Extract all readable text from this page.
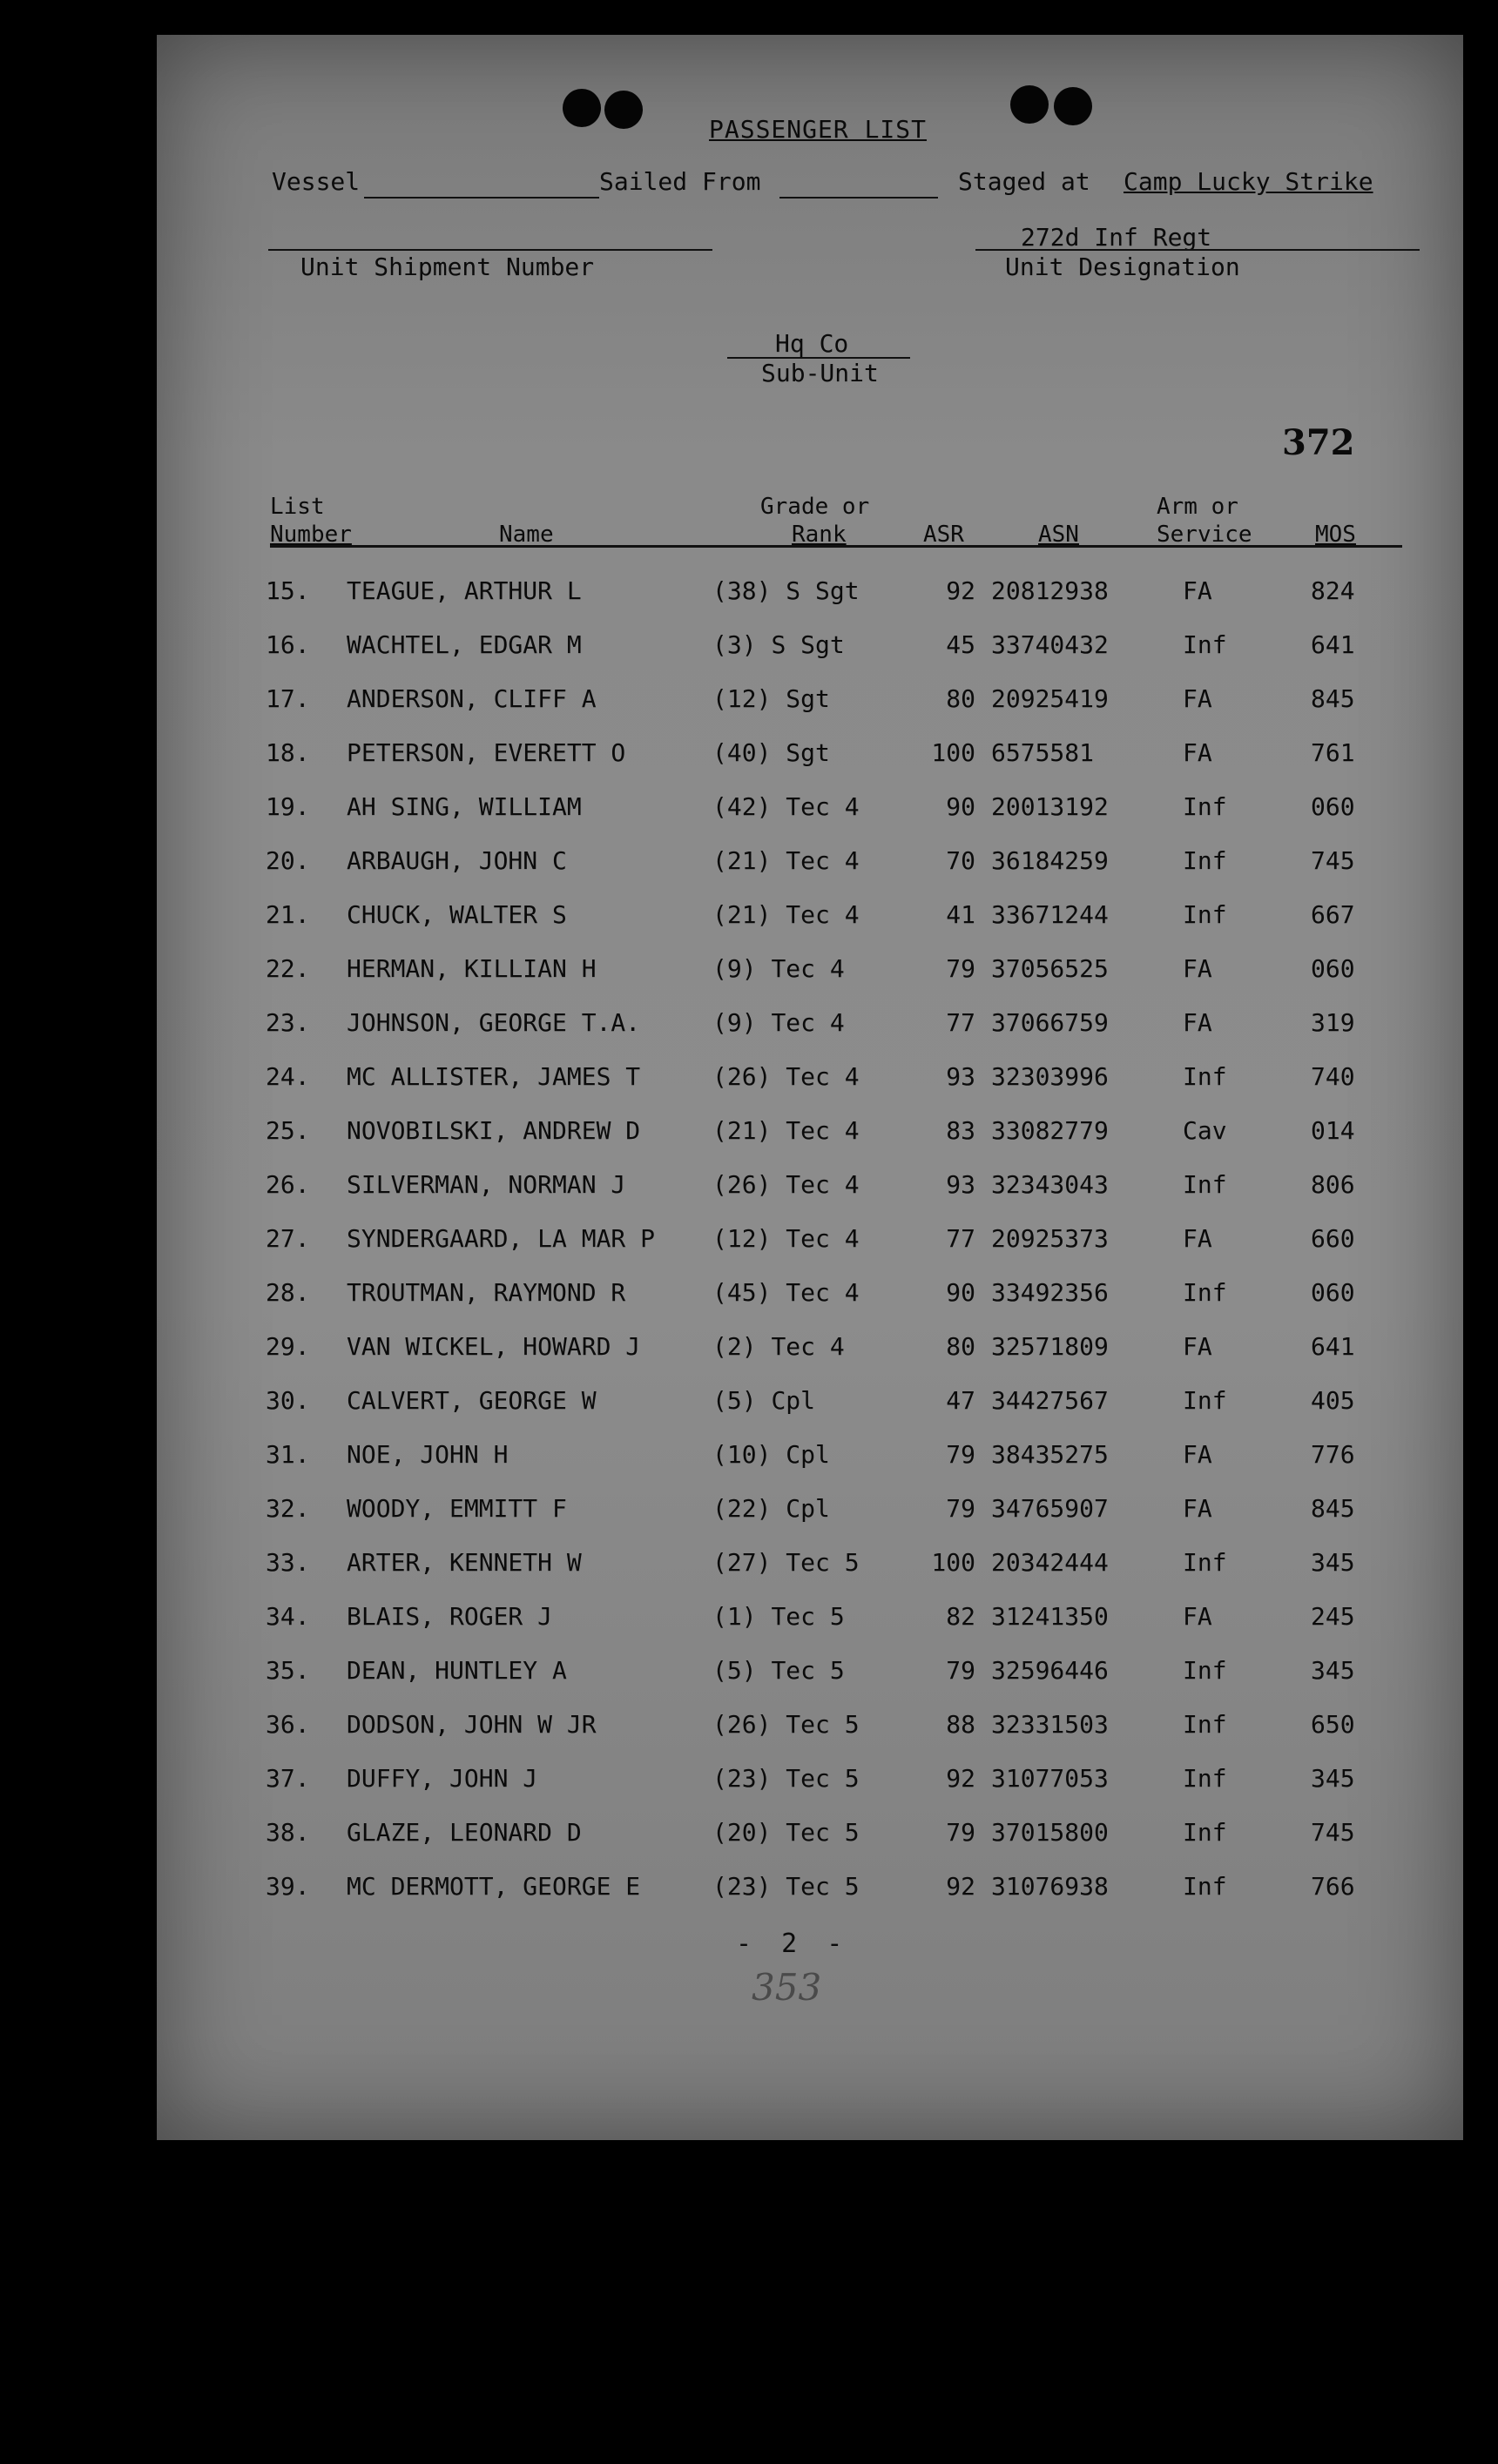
PASSENGER LIST
Vessel	Sailed From	Staged at Camp Lucky Strike
Unit Shipment Number
272d Inf Regt
Unit Designation
Hq Co
Sub-Unit
372
List
Number	Name
Grade or
Rank	ASR	ASN
Arm or
Service	MOS
15. TEAGUE, ARTHUR L	(38) S Sgt	92 20812938	FA	824
16. WACHTEL, EDGAR M	(3) S Sgt	45 33740432	Inf	641
17. ANDERSON, CLIFF A	(12) Sgt	80 20925419	FA	845
18. PETERSON, EVERETT O	(40) Sgt	100 6575581	FA	761
19. AH SING, WILLIAM	(42) Tec 4	90 20013192	Inf	060
20. ARBAUGH, JOHN C	(21) Tec 4	70 36184259	Inf	745
21. CHUCK, WALTER S	(21) Tec 4	41 33671244	Inf	667
22. HERMAN, KILLIAN H	(9) Tec 4	79 37056525	FA	060
23. JOHNSON, GEORGE T.A.	(9) Tec 4	77 37066759	FA	319
24. MC ALLISTER, JAMES T	(26) Tec 4	93 32303996	Inf	740
25. NOVOBILSKI, ANDREW D	(21) Tec 4	83 33082779	Cav	014
26. SILVERMAN, NORMAN J	(26) Tec 4	93 32343043	Inf	806
27. SYNDERGAARD, LA MAR P (12) Tec 4	77 20925373	FA	660
28. TROUTMAN, RAYMOND R	(45) Tec 4	90 33492356	Inf	060
29. VAN WICKEL, HOWARD J	(2) Tec 4	80 32571809	FA	641
30. CALVERT, GEORGE W	(5) Cpl	47 34427567	Inf	405
31. NOE, JOHN H	(10) Cpl	79 38435275	FA	776
32. WOODY, EMMITT F	(22) Cpl	79 34765907	FA	845
33. ARTER, KENNETH W	(27) Tec 5	100 20342444	Inf	345
34. BLAIS, ROGER J	(1) Tec 5	82 31241350	FA	245
35. DEAN, HUNTLEY A	(5) Tec 5	79 32596446	Inf	345
36. DODSON, JOHN W JR	(26) Tec 5	88 32331503	Inf	650
37. DUFFY, JOHN J	(23) Tec 5	92 31077053	Inf	345
38. GLAZE, LEONARD D	(20) Tec 5	79 37015800	Inf	745
39. MC DERMOTT, GEORGE E	(23) Tec 5	92 31076938	Inf	766
- 2 -
353
